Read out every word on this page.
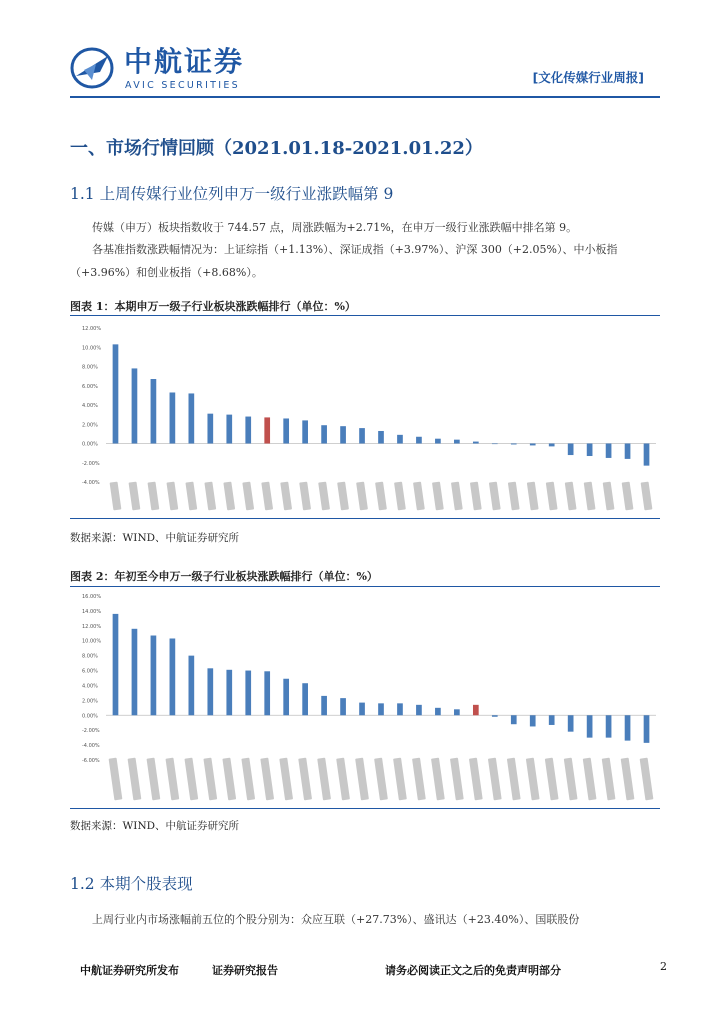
中航证券
AVIC SECURITIES
[文化传媒行业周报]
一、市场行情回顾（2021.01.18-2021.01.22）
1.1 上周传媒行业位列申万一级行业涨跌幅第 9

传媒（申万）板块指数收于 744.57 点，周涨跌幅为+2.71%，在申万一级行业涨跌幅中排名第 9。

各基准指数涨跌幅情况为：上证综指（+1.13%）、深证成指（+3.97%）、沪深 300（+2.05%）、中小板指（+3.96%）和创业板指（+8.68%）。

图表 1：本期申万一级子行业板块涨跌幅排行（单位：%）
12.00%
10.00%
8.00%
6.00%
4.00%
2.00%
0.00%
-2.00%
-4.00%
数据来源：WIND、中航证券研究所
图表 2：年初至今申万一级子行业板块涨跌幅排行（单位：%）
16.00%
14.00%
12.00%
10.00%
8.00%
6.00%
4.00%
2.00%
0.00%
-2.00%
-4.00%
-6.00%
数据来源：WIND、中航证券研究所
1.2 本期个股表现

上周行业内市场涨幅前五位的个股分别为：众应互联（+27.73%）、盛讯达（+23.40%）、国联股份

中航证券研究所发布	证券研究报告	请务必阅读正文之后的免责声明部分	2
